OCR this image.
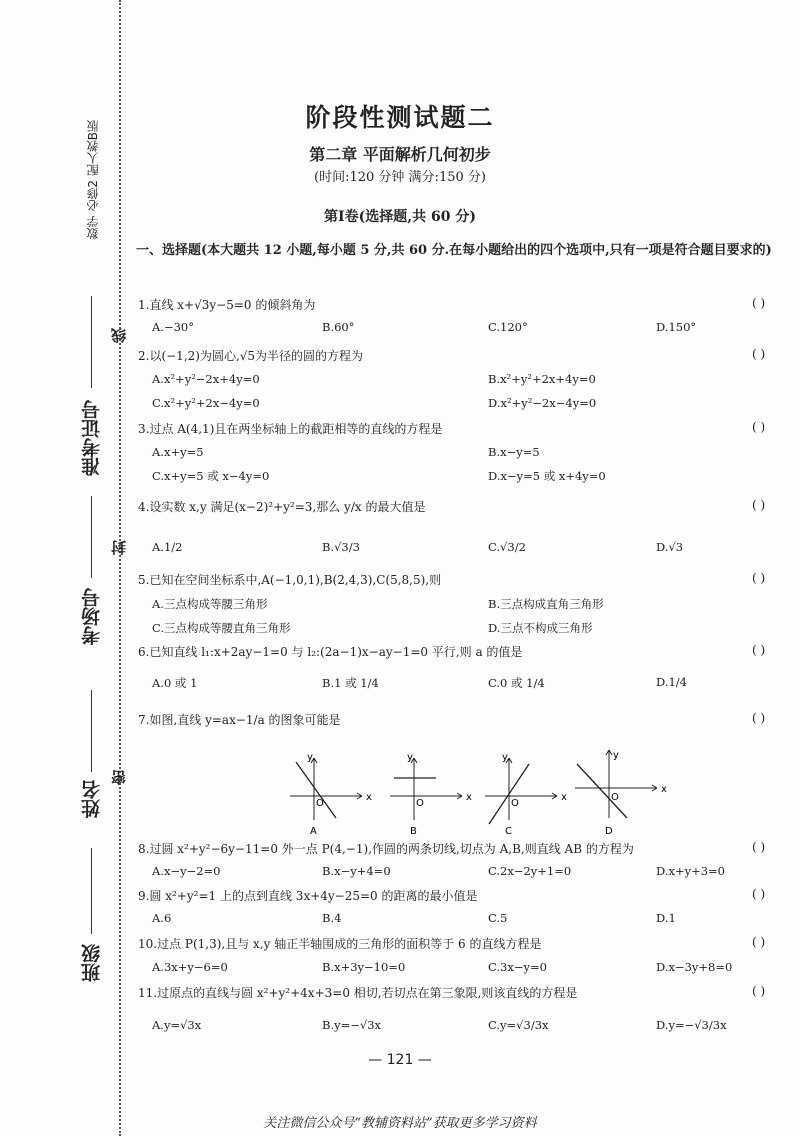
数学 必修2 配人教B版
准考证号
考场号
姓名
班级
线
封
密
阶段性测试题二
第二章 平面解析几何初步
(时间:120 分钟 满分:150 分)
第Ⅰ卷(选择题,共 60 分)
一、选择题(本大题共 12 小题,每小题 5 分,共 60 分.在每小题给出的四个选项中,只有一项是符合题目要求的)
1.直线 x+√3y−5=0 的倾斜角为	( )
A.−30°	B.60°	C.120°	D.150°
2.以(−1,2)为圆心,√5为半径的圆的方程为	( )
A.x²+y²−2x+4y=0	B.x²+y²+2x+4y=0
C.x²+y²+2x−4y=0	D.x²+y²−2x−4y=0
3.过点 A(4,1)且在两坐标轴上的截距相等的直线的方程是	( )
A.x+y=5	B.x−y=5
C.x+y=5 或 x−4y=0	D.x−y=5 或 x+4y=0
4.设实数 x,y 满足(x−2)²+y²=3,那么 y/x 的最大值是	( )
A.1/2	B.√3/3	C.√3/2	D.√3
5.已知在空间坐标系中,A(−1,0,1),B(2,4,3),C(5,8,5),则	( )
A.三点构成等腰三角形	B.三点构成直角三角形
C.三点构成等腰直角三角形	D.三点不构成三角形
6.已知直线 l₁:x+2ay−1=0 与 l₂:(2a−1)x−ay−1=0 平行,则 a 的值是	( )
A.0 或 1	B.1 或 1/4	C.0 或 1/4	D.1/4
7.如图,直线 y=ax−1/a 的图象可能是	( )
x
y
O
A
x
y
O
B
x
y
O
C
x
y
O
D
8.过圆 x²+y²−6y−11=0 外一点 P(4,−1),作圆的两条切线,切点为 A,B,则直线 AB 的方程为	( )
A.x−y−2=0	B.x−y+4=0	C.2x−2y+1=0	D.x+y+3=0
9.圆 x²+y²=1 上的点到直线 3x+4y−25=0 的距离的最小值是	( )
A.6	B.4	C.5	D.1
10.过点 P(1,3),且与 x,y 轴正半轴围成的三角形的面积等于 6 的直线方程是	( )
A.3x+y−6=0	B.x+3y−10=0	C.3x−y=0	D.x−3y+8=0
11.过原点的直线与圆 x²+y²+4x+3=0 相切,若切点在第三象限,则该直线的方程是	( )
A.y=√3x	B.y=−√3x	C.y=√3/3x	D.y=−√3/3x
— 121 —
关注微信公众号“教辅资料站”获取更多学习资料
